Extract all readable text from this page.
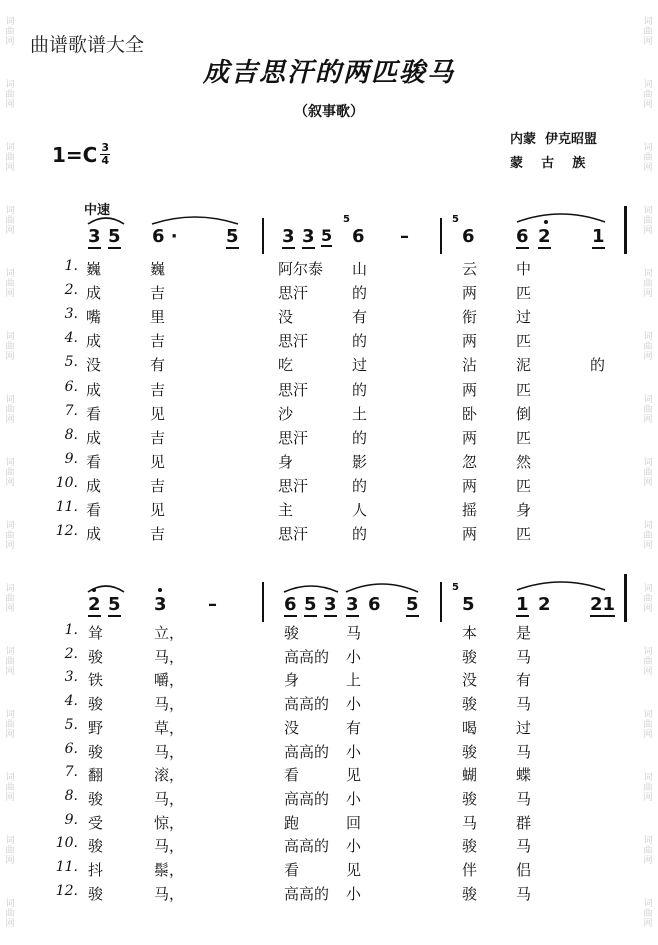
词曲网
词曲网
词曲网
词曲网
词曲网
词曲网
词曲网
词曲网
词曲网
词曲网
词曲网
词曲网
词曲网
词曲网
词曲网
词曲网
词曲网
词曲网
词曲网
词曲网
词曲网
词曲网
词曲网
词曲网
词曲网
词曲网
词曲网
词曲网
词曲网
词曲网
曲谱歌谱大全
成吉思汗的两匹骏马
（叙事歌）
$1=C \frac{3}{4}$
内蒙  伊克昭盟
蒙    古    族
中速
3 5 6 ·	5 3 3 5
5
6 –
5
6 6 2 1
1. 巍	巍	阿尔泰 山	云	中
2. 成	吉	思汗	的	两	匹
3. 嘴	里	没	有	衔	过
4. 成	吉	思汗	的	两	匹
5. 没	有	吃	过	沾	泥	的
6. 成	吉	思汗	的	两	匹
7. 看	见	沙	土	卧	倒
8. 成	吉	思汗	的	两	匹
9. 看	见	身	影	忽	然
10. 成	吉	思汗	的	两	匹
11. 看	见	主	人	摇	身
12. 成	吉	思汗	的	两	匹
2 5 3 –	6 5 3 3 6 5
5
5 1 2 21
1. 耸	立，	骏	马	本	是
2. 骏	马，	高高的 小	骏	马
3. 铁	嚼，	身	上	没	有
4. 骏	马，	高高的 小	骏	马
5. 野	草，	没	有	喝	过
6. 骏	马，	高高的 小	骏	马
7. 翻	滚，	看	见	蝴	蝶
8. 骏	马，	高高的 小	骏	马
9. 受	惊，	跑	回	马	群
10. 骏	马，	高高的 小	骏	马
11. 抖	鬃，	看	见	伴	侣
12. 骏	马，	高高的 小	骏	马
